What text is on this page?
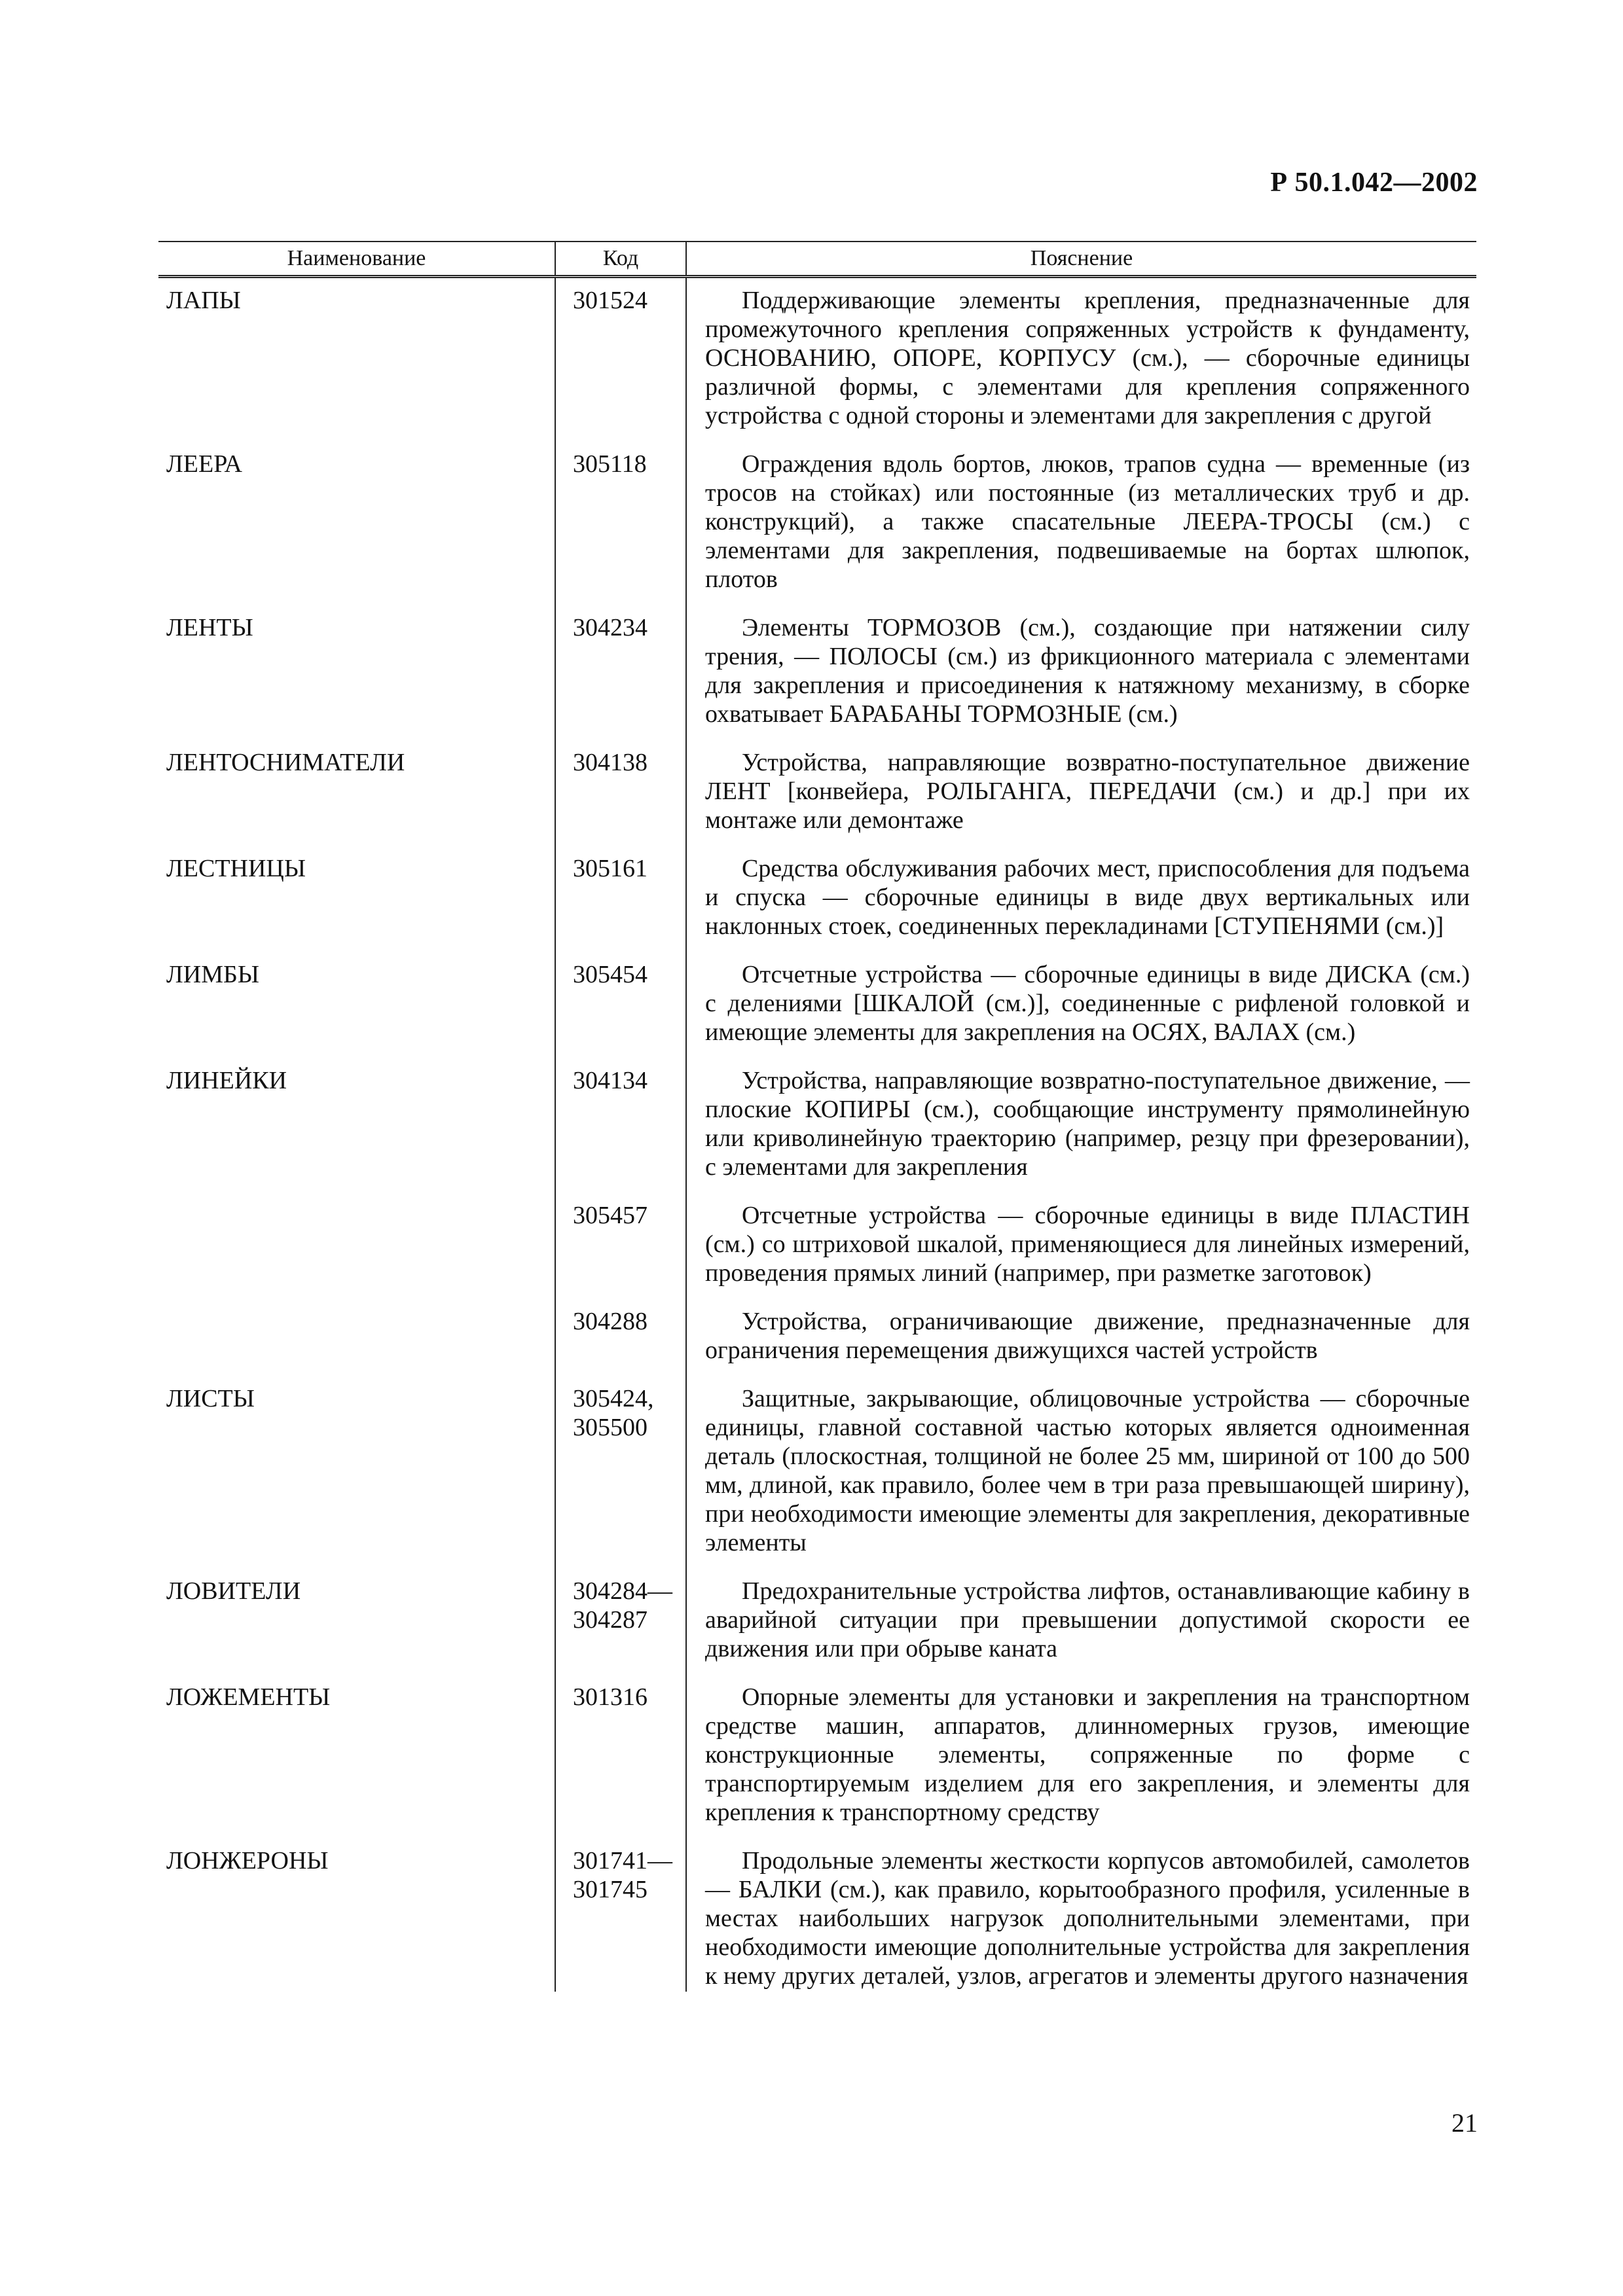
Р 50.1.042—2002
Наименование	Код	Пояснение
ЛАПЫ	301524	Поддерживающие элементы крепления, предназначенные для промежуточного крепления сопряженных устройств к фундаменту, ОСНОВАНИЮ, ОПОРЕ, КОРПУСУ (см.), — сборочные единицы различной формы, с элементами для крепления сопряженного устройства с одной стороны и элементами для закрепления с другой
ЛЕЕРА	305118	Ограждения вдоль бортов, люков, трапов судна — временные (из тросов на стойках) или постоянные (из металлических труб и др. конструкций), а также спасательные ЛЕЕРА-ТРОСЫ (см.) с элементами для закрепления, подвешиваемые на бортах шлюпок, плотов
ЛЕНТЫ	304234	Элементы ТОРМОЗОВ (см.), создающие при натяжении силу трения, — ПОЛОСЫ (см.) из фрикционного материала с элементами для закрепления и присоединения к натяжному механизму, в сборке охватывает БАРАБАНЫ ТОРМОЗНЫЕ (см.)
ЛЕНТОСНИМАТЕЛИ	304138	Устройства, направляющие возвратно-поступательное движение ЛЕНТ [конвейера, РОЛЬГАНГА, ПЕРЕДАЧИ (см.) и др.] при их монтаже или демонтаже
ЛЕСТНИЦЫ	305161	Средства обслуживания рабочих мест, приспособления для подъема и спуска — сборочные единицы в виде двух вертикальных или наклонных стоек, соединенных перекладинами [СТУПЕНЯМИ (см.)]
ЛИМБЫ	305454	Отсчетные устройства — сборочные единицы в виде ДИСКА (см.) с делениями [ШКАЛОЙ (см.)], соединенные с рифленой головкой и имеющие элементы для закрепления на ОСЯХ, ВАЛАХ (см.)
ЛИНЕЙКИ	304134	Устройства, направляющие возвратно-поступательное движение, — плоские КОПИРЫ (см.), сообщающие инструменту прямолинейную или криволинейную траекторию (например, резцу при фрезеровании), с элементами для закрепления
	305457	Отсчетные устройства — сборочные единицы в виде ПЛАСТИН (см.) со штриховой шкалой, применяющиеся для линейных измерений, проведения прямых линий (например, при разметке заготовок)
	304288	Устройства, ограничивающие движение, предназначенные для ограничения перемещения движущихся частей устройств
ЛИСТЫ	305424, 305500	Защитные, закрывающие, облицовочные устройства — сборочные единицы, главной составной частью которых является одноименная деталь (плоскостная, толщиной не более 25 мм, шириной от 100 до 500 мм, длиной, как правило, более чем в три раза превышающей ширину), при необходимости имеющие элементы для закрепления, декоративные элементы
ЛОВИТЕЛИ	304284— 304287	Предохранительные устройства лифтов, останавливающие кабину в аварийной ситуации при превышении допустимой скорости ее движения или при обрыве каната
ЛОЖЕМЕНТЫ	301316	Опорные элементы для установки и закрепления на транспортном средстве машин, аппаратов, длинномерных грузов, имеющие конструкционные элементы, сопряженные по форме с транспортируемым изделием для его закрепления, и элементы для крепления к транспортному средству
ЛОНЖЕРОНЫ	301741— 301745	Продольные элементы жесткости корпусов автомобилей, самолетов — БАЛКИ (см.), как правило, корытообразного профиля, усиленные в местах наибольших нагрузок дополнительными элементами, при необходимости имеющие дополнительные устройства для закрепления к нему других деталей, узлов, агрегатов и элементы другого назначения
21
